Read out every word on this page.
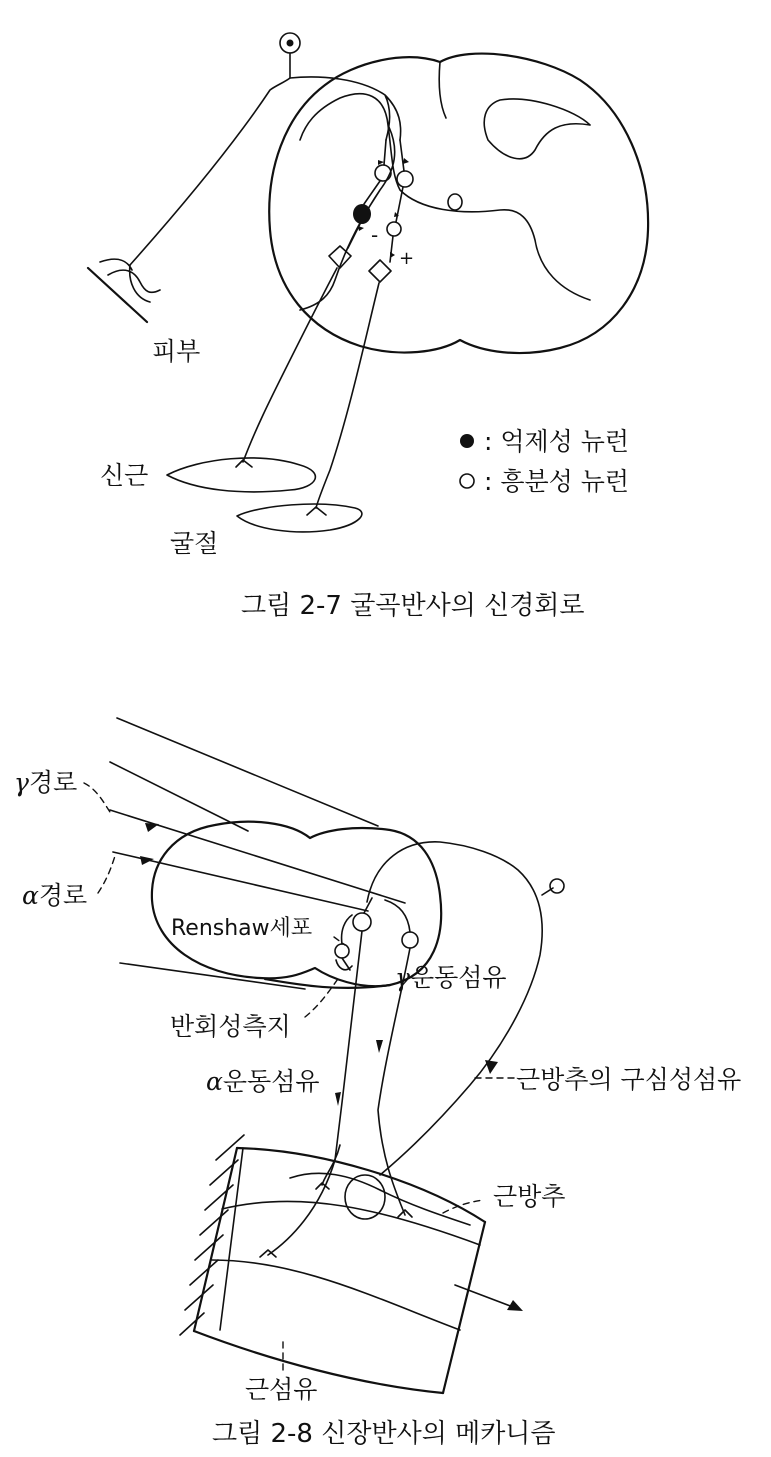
-
+
피부
신근
굴절
: 억제성 뉴런
: 흥분성 뉴런
그림 2-7 굴곡반사의 신경회로
γ경로
α경로
Renshaw세포
반회성측지
γ운동섬유
α운동섬유	근방추의 구심성섬유
근방추
근섬유
그림 2-8 신장반사의 메카니즘
